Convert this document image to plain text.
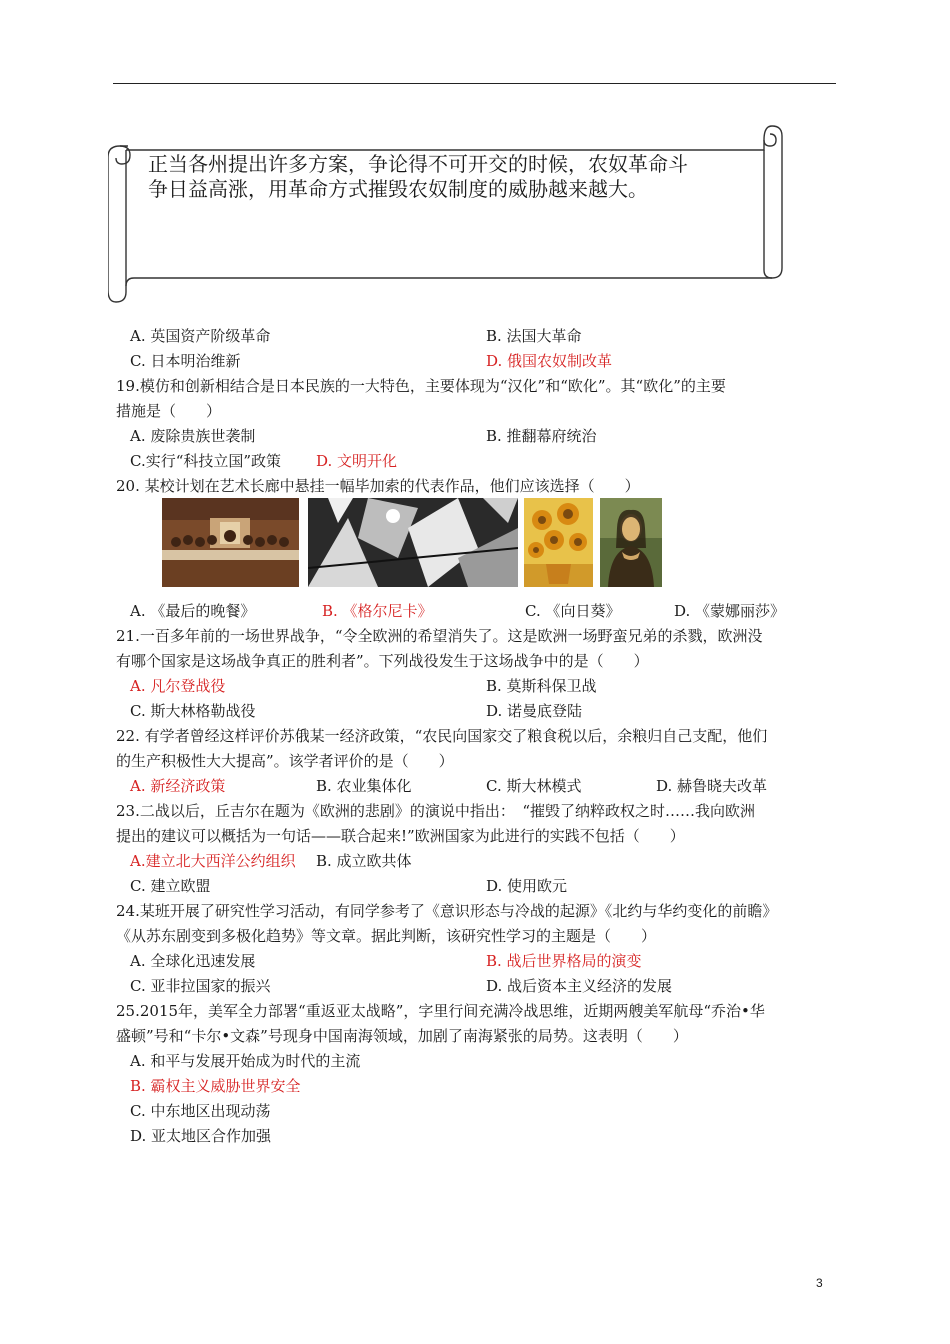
正当各州提出许多方案，争论得不可开交的时候，农奴革命斗
争日益高涨，用革命方式摧毁农奴制度的威胁越来越大。
A. 英国资产阶级革命	B. 法国大革命
C. 日本明治维新	D. 俄国农奴制改革
19.模仿和创新相结合是日本民族的一大特色，主要体现为“汉化”和“欧化”。其“欧化”的主要
措施是（　　）
A. 废除贵族世袭制	B. 推翻幕府统治
C.实行“科技立国”政策 D. 文明开化
20. 某校计划在艺术长廊中悬挂一幅毕加索的代表作品，他们应该选择（　　）
A. 《最后的晚餐》	B. 《格尔尼卡》	C. 《向日葵》	D. 《蒙娜丽莎》
21.一百多年前的一场世界战争，“令全欧洲的希望消失了。这是欧洲一场野蛮兄弟的杀戮，欧洲没
有哪个国家是这场战争真正的胜利者”。下列战役发生于这场战争中的是（　　）
A. 凡尔登战役	B. 莫斯科保卫战
C. 斯大林格勒战役	D. 诺曼底登陆
22. 有学者曾经这样评价苏俄某一经济政策，“农民向国家交了粮食税以后，余粮归自己支配，他们
的生产积极性大大提高”。该学者评价的是（　　）
A. 新经济政策	B. 农业集体化	C. 斯大林模式	D. 赫鲁晓夫改革
23.二战以后，丘吉尔在题为《欧洲的悲剧》的演说中指出：　“摧毁了纳粹政权之时……我向欧洲
提出的建议可以概括为一句话——联合起来!”欧洲国家为此进行的实践不包括（　　）
A.建立北大西洋公约组织 B. 成立欧共体
C. 建立欧盟	D. 使用欧元
24.某班开展了研究性学习活动，有同学参考了《意识形态与冷战的起源》《北约与华约变化的前瞻》
《从苏东剧变到多极化趋势》等文章。据此判断，该研究性学习的主题是（　　）
A. 全球化迅速发展	B. 战后世界格局的演变
C. 亚非拉国家的振兴	D. 战后资本主义经济的发展
25.2015年，美军全力部署“重返亚太战略”，字里行间充满冷战思维，近期两艘美军航母“乔治•华
盛顿”号和“卡尔•文森”号现身中国南海领域，加剧了南海紧张的局势。这表明（　　）
A. 和平与发展开始成为时代的主流
B. 霸权主义威胁世界安全
C. 中东地区出现动荡
D. 亚太地区合作加强
3
